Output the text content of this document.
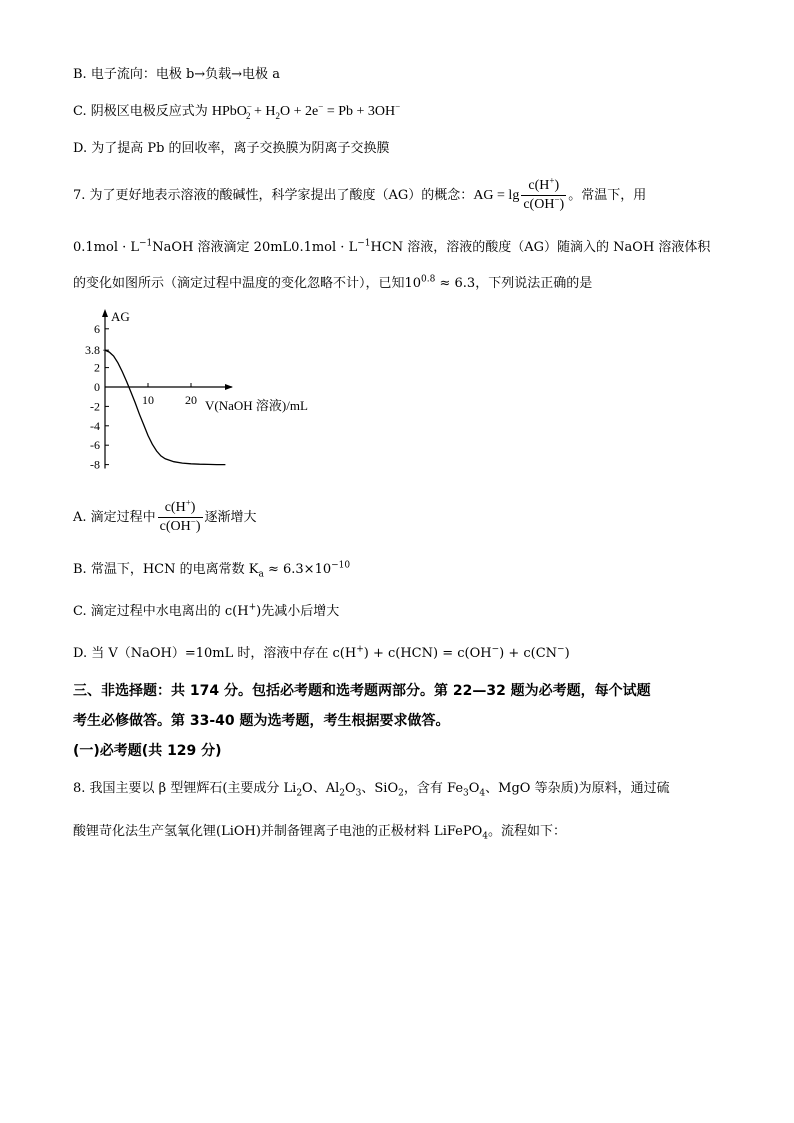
B. 电子流向：电极 b→负载→电极 a
C. 阴极区电极反应式为 HPbO−$_2$ + $H_2O + 2e^- = Pb + 3OH^-$
D. 为了提高 Pb 的回收率，离子交换膜为阴离子交换膜
7. 为了更好地表示溶液的酸碱性，科学家提出了酸度（AG）的概念：AG = $\lg \frac{c(H^+)}{c(OH^-)}$ 。常温下，用
$0.1mol \cdot L^{-1}NaOH$ 溶液滴定 $20mL0.1mol \cdot L^{-1}HCN$ 溶液，溶液的酸度（AG）随滴入的 NaOH 溶液体积
的变化如图所示（滴定过程中温度的变化忽略不计），已知$10^{0.8} \approx 6.3$，下列说法正确的是
AG
6
3.8
2
0
-2
-4
-6
-8
10	20 V(NaOH 溶液)/mL
A. 滴定过程中 $\frac{c(H^+)}{c(OH^-)}$ 逐渐增大
B. 常温下，HCN 的电离常数 $K_a \approx 6.3\times 10^{-10}$
C. 滴定过程中水电离出的 c(H+)先减小后增大
D. 当 V（NaOH）=10mL 时，溶液中存在 c(H+) + c(HCN) = c(OH−) + c(CN−)
三、非选择题：共 174 分。包括必考题和选考题两部分。第 22—32 题为必考题，每个试题
考生必修做答。第 33-40 题为选考题，考生根据要求做答。
(一)必考题(共 129 分)
8. 我国主要以 β 型锂辉石(主要成分 $Li_2O$、$Al_2O_3$、SiO$_2$，含有 $Fe_3O_4$、MgO 等杂质)为原料，通过硫
酸锂苛化法生产氢氧化锂(LiOH)并制备锂离子电池的正极材料 LiFePO$_4$。流程如下：
